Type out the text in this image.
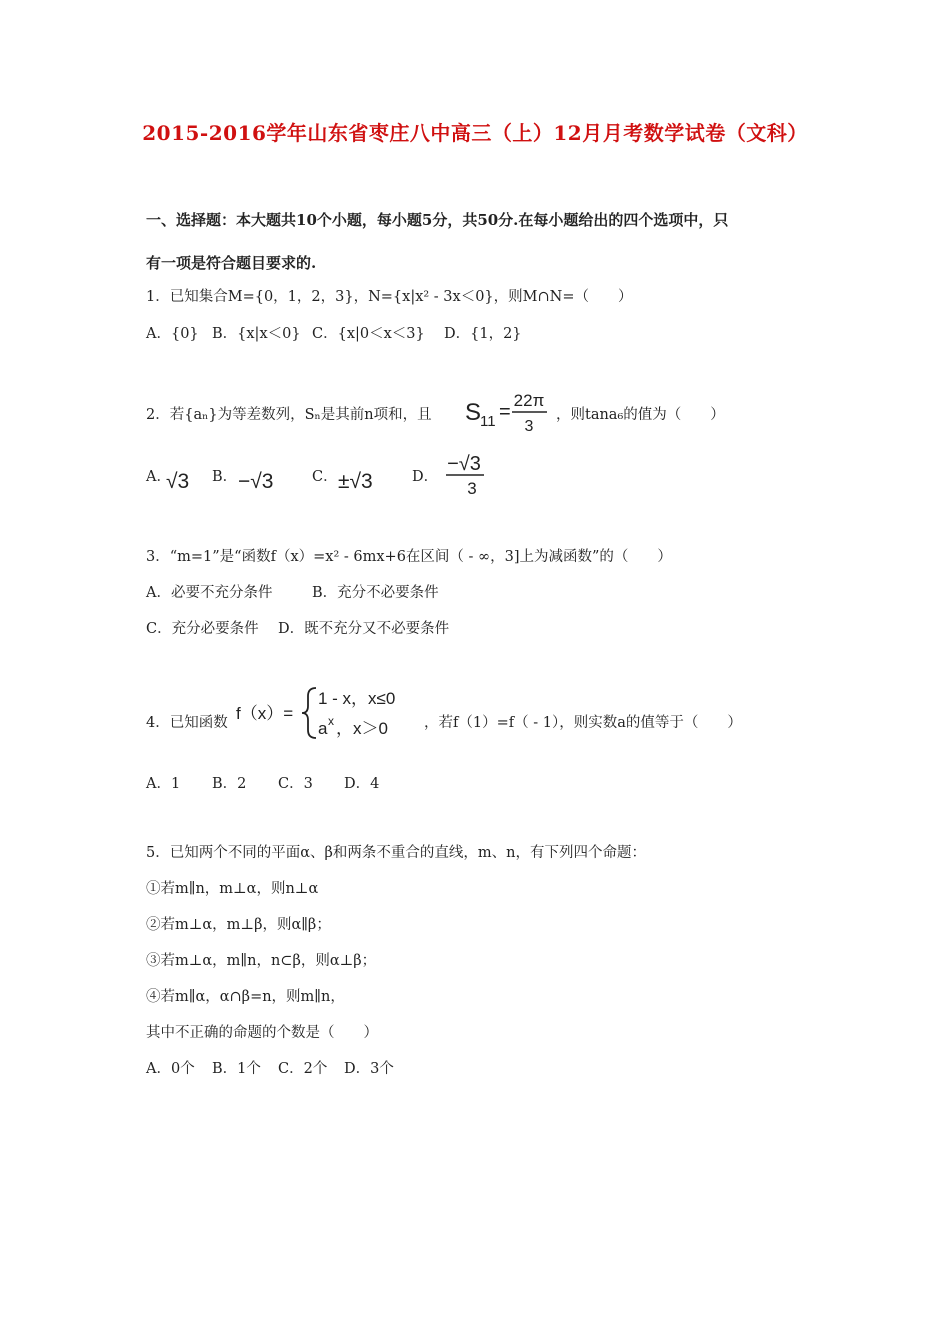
2015-2016学年山东省枣庄八中高三（上）12月月考数学试卷（文科）
一、选择题：本大题共10个小题，每小题5分，共50分.在每小题给出的四个选项中，只
有一项是符合题目要求的.
1．已知集合M={0，1，2，3}，N={x|x² - 3x＜0}，则M∩N=（　　）
A．{0} B．{x|x＜0} C．{x|0＜x＜3} D．{1，2}
2．若{aₙ}为等差数列，Sₙ是其前n项和，且 S
11 =
22π
3
，则tana₆的值为（　　）
A．
√3 B． −√3	C． ±√3	D．
−√3
3
3．“m=1”是“函数f（x）=x² - 6mx+6在区间（ - ∞，3]上为减函数”的（　　）
A．必要不充分条件	B．充分不必要条件
C．充分必要条件 D．既不充分又不必要条件
4．已知函数 f（x）=
1 - x，x≤0
a x ，x＞0 ，若f（1）=f（ - 1），则实数a的值等于（　　）
A．1 B．2 C．3 D．4
5．已知两个不同的平面α、β和两条不重合的直线，m、n，有下列四个命题：
①若m∥n，m⊥α，则n⊥α
②若m⊥α，m⊥β，则α∥β；
③若m⊥α，m∥n，n⊂β，则α⊥β；
④若m∥α，α∩β=n，则m∥n，
其中不正确的命题的个数是（　　）
A．0个 B．1个 C．2个 D．3个
